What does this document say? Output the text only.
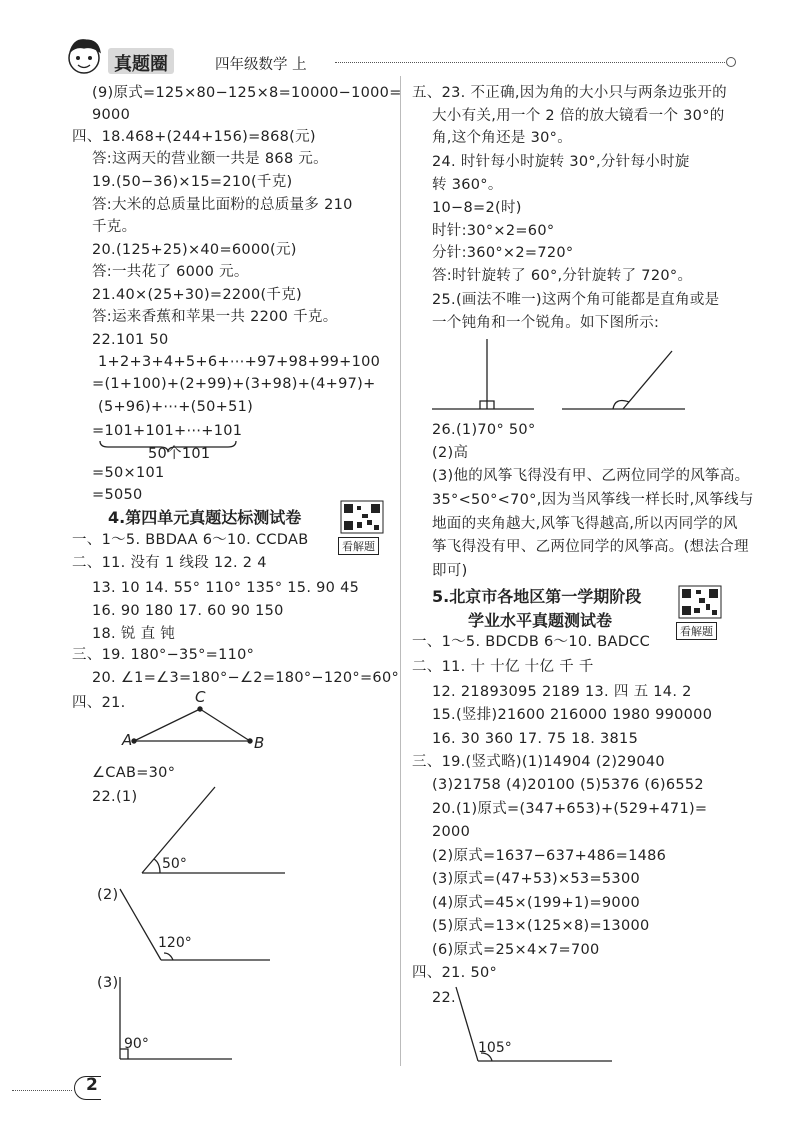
真题圈	四年级数学 上
(9)原式=125×80−125×8=10000−1000=
9000
四、18.468+(244+156)=868(元)
答:这两天的营业额一共是 868 元。
19.(50−36)×15=210(千克)
答:大米的总质量比面粉的总质量多 210
千克。
20.(125+25)×40=6000(元)
答:一共花了 6000 元。
21.40×(25+30)=2200(千克)
答:运来香蕉和苹果一共 2200 千克。
22.101 50
1+2+3+4+5+6+⋯+97+98+99+100
=(1+100)+(2+99)+(3+98)+(4+97)+
(5+96)+⋯+(50+51)
=101+101+⋯+101
50个101
=50×101
=5050
4.第四单元真题达标测试卷
看解题
一、1～5. BBDAA 6～10. CCDAB
二、11. 没有 1 线段 12. 2 4
13. 10 14. 55° 110° 135° 15. 90 45
16. 90 180 17. 60 90 150
18. 锐 直 钝
三、19. 180°−35°=110°
20. ∠1=∠3=180°−∠2=180°−120°=60°
四、21.	C
A	B
∠CAB=30°
22.(1)
50°
(2)
120°
(3)
90°
2
五、23. 不正确,因为角的大小只与两条边张开的
大小有关,用一个 2 倍的放大镜看一个 30°的
角,这个角还是 30°。
24. 时针每小时旋转 30°,分针每小时旋
转 360°。
10−8=2(时)
时针:30°×2=60°
分针:360°×2=720°
答:时针旋转了 60°,分针旋转了 720°。
25.(画法不唯一)这两个角可能都是直角或是
一个钝角和一个锐角。如下图所示:
26.(1)70° 50°
(2)高
(3)他的风筝飞得没有甲、乙两位同学的风筝高。
35°<50°<70°,因为当风筝线一样长时,风筝线与
地面的夹角越大,风筝飞得越高,所以丙同学的风
筝飞得没有甲、乙两位同学的风筝高。(想法合理
即可)
5.北京市各地区第一学期阶段
学业水平真题测试卷
看解题
一、1～5. BDCDB 6～10. BADCC
二、11. 十 十亿 十亿 千 千
12. 21893095 2189 13. 四 五 14. 2
15.(竖排)21600 216000 1980 990000
16. 30 360 17. 75 18. 3815
三、19.(竖式略)(1)14904 (2)29040
(3)21758 (4)20100 (5)5376 (6)6552
20.(1)原式=(347+653)+(529+471)=
2000
(2)原式=1637−637+486=1486
(3)原式=(47+53)×53=5300
(4)原式=45×(199+1)=9000
(5)原式=13×(125×8)=13000
(6)原式=25×4×7=700
四、21. 50°
22.
105°
